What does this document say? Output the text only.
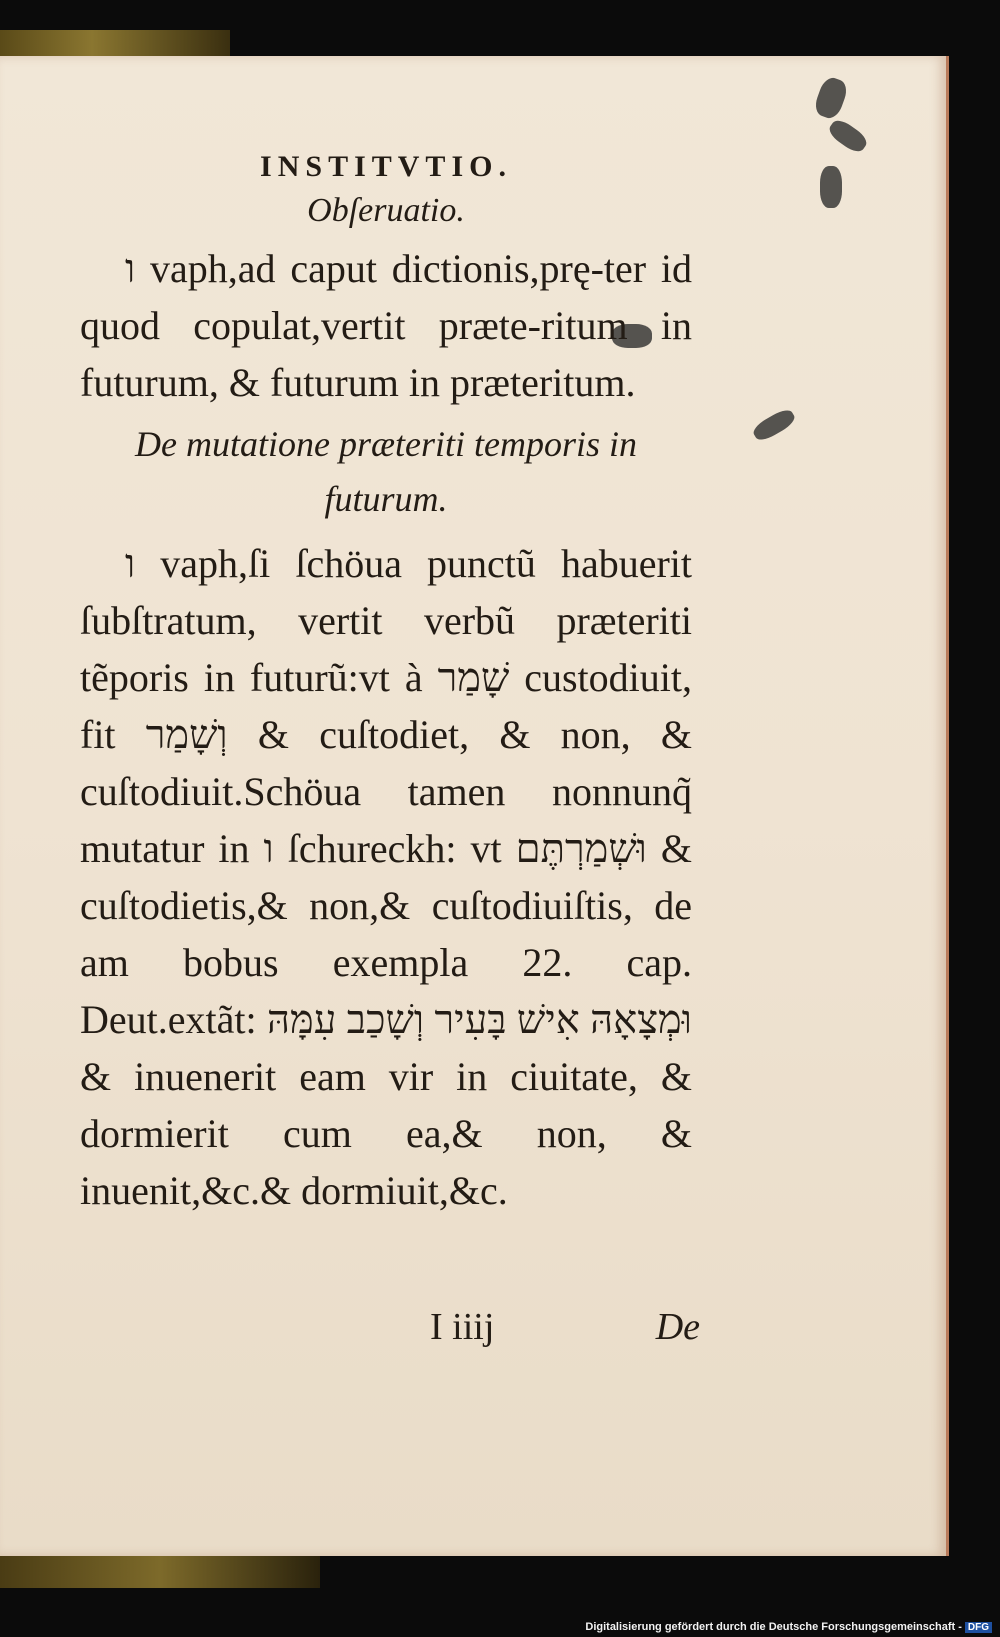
INSTITVTIO.

Obſeruatio.

ו vaph,ad caput dictionis,prę-ter id quod copulat,vertit præte-ritum in futurum, & futurum in præteritum.

De mutatione præteriti temporis in futurum.

ו vaph,ſi ſchöua punctũ habuerit ſubſtratum, vertit verbũ præteriti tẽporis in futurũ:vt à שָׁמַר custodiuit, fit וְשָׁמַר & cuſtodiet, & non, & cuſtodiuit.Schöua tamen nonnunq̃ mutatur in ו ſchureckh: vt וּשְׁמַרְתֶּם & cuſtodietis,& non,& cuſtodiuiſtis, de am bobus exempla 22. cap. Deut.extãt: וּמְצָאָהּ אִישׁ בָּעִיר וְשָׁכַב עִמָּהּ & inuenerit eam vir in ciuitate, & dormierit cum ea,& non, & inuenit,&c.& dormiuit,&c.

I iiij	De
Digitalisierung gefördert durch die Deutsche Forschungsgemeinschaft - DFG
